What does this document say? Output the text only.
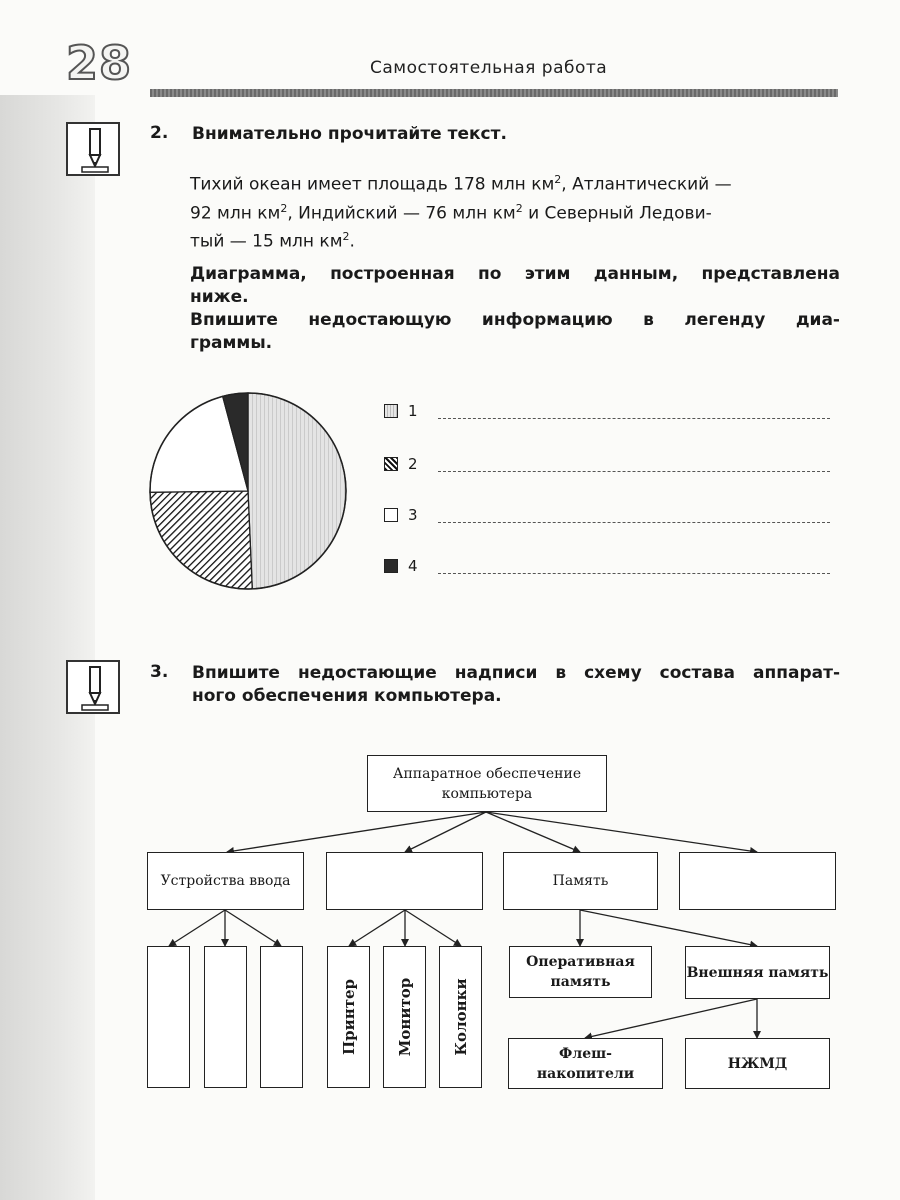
28	Самостоятельная работа
2. Внимательно прочитайте текст.
Тихий океан имеет площадь 178 млн $км^2$, Атлантический —
92 млн $км^2$, Индийский — 76 млн $км^2$ и Северный Ледови-
тый — 15 млн $км^2$.
Диаграмма, построенная по этим данным, представлена
ниже.
Впишите недостающую информацию в легенду диа-
граммы.
1
2
3
4
3. Впишите недостающие надписи в схему состава аппарат-
ного обеспечения компьютера.
Аппаратное обеспечение компьютера
Устройства ввода	Память
Принтер	Монитор	Колонки
Оперативная память
Внешняя память
Флеш-накопители
НЖМД
